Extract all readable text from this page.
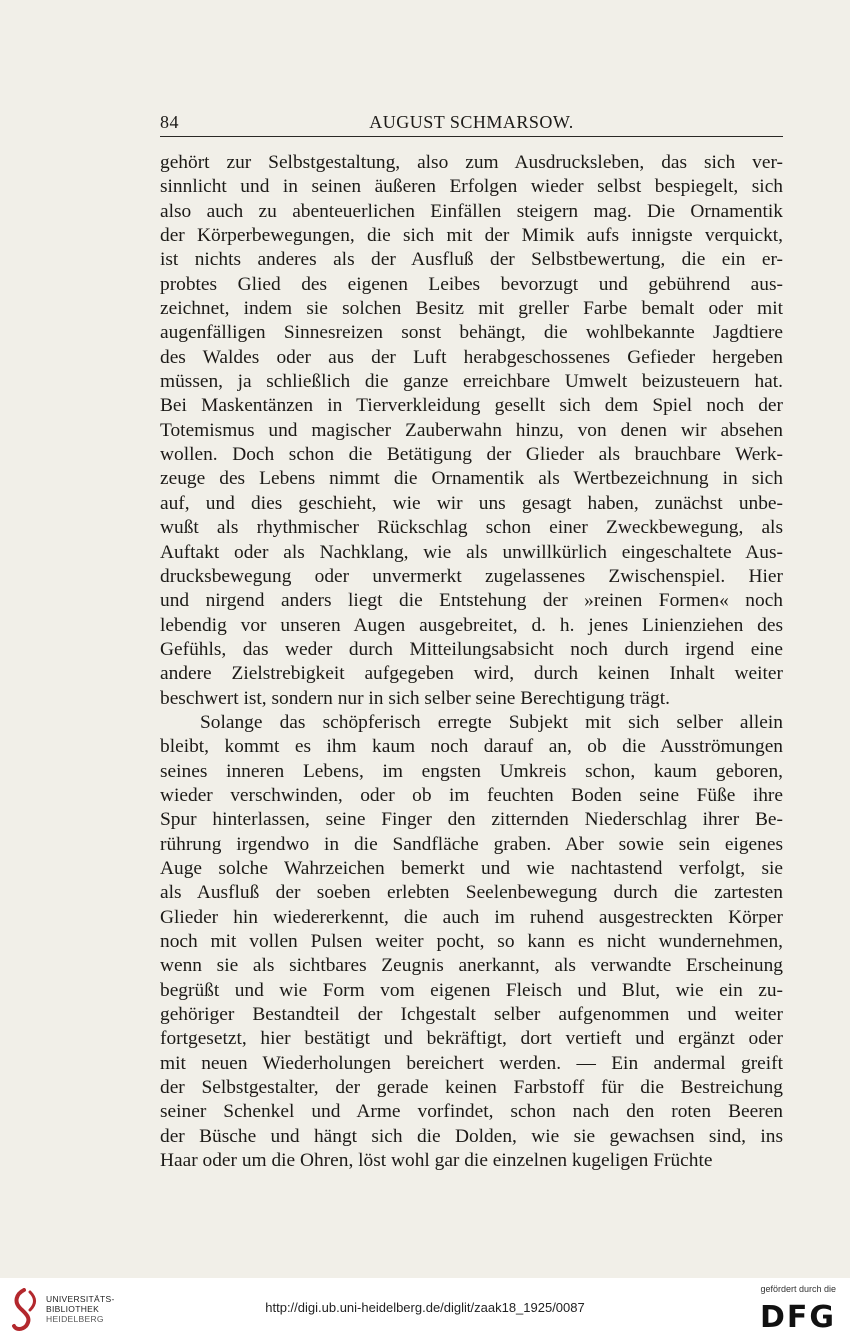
84	AUGUST SCHMARSOW.
gehört zur Selbstgestaltung, also zum Ausdrucksleben, das sich ver-
sinnlicht und in seinen äußeren Erfolgen wieder selbst bespiegelt, sich
also auch zu abenteuerlichen Einfällen steigern mag. Die Ornamentik
der Körperbewegungen, die sich mit der Mimik aufs innigste verquickt,
ist nichts anderes als der Ausfluß der Selbstbewertung, die ein er-
probtes Glied des eigenen Leibes bevorzugt und gebührend aus-
zeichnet, indem sie solchen Besitz mit greller Farbe bemalt oder mit
augenfälligen Sinnesreizen sonst behängt, die wohlbekannte Jagdtiere
des Waldes oder aus der Luft herabgeschossenes Gefieder hergeben
müssen, ja schließlich die ganze erreichbare Umwelt beizusteuern hat.
Bei Maskentänzen in Tierverkleidung gesellt sich dem Spiel noch der
Totemismus und magischer Zauberwahn hinzu, von denen wir absehen
wollen. Doch schon die Betätigung der Glieder als brauchbare Werk-
zeuge des Lebens nimmt die Ornamentik als Wertbezeichnung in sich
auf, und dies geschieht, wie wir uns gesagt haben, zunächst unbe-
wußt als rhythmischer Rückschlag schon einer Zweckbewegung, als
Auftakt oder als Nachklang, wie als unwillkürlich eingeschaltete Aus-
drucksbewegung oder unvermerkt zugelassenes Zwischenspiel. Hier
und nirgend anders liegt die Entstehung der »reinen Formen« noch
lebendig vor unseren Augen ausgebreitet, d. h. jenes Linienziehen des
Gefühls, das weder durch Mitteilungsabsicht noch durch irgend eine
andere Zielstrebigkeit aufgegeben wird, durch keinen Inhalt weiter
beschwert ist, sondern nur in sich selber seine Berechtigung trägt.
Solange das schöpferisch erregte Subjekt mit sich selber allein
bleibt, kommt es ihm kaum noch darauf an, ob die Ausströmungen
seines inneren Lebens, im engsten Umkreis schon, kaum geboren,
wieder verschwinden, oder ob im feuchten Boden seine Füße ihre
Spur hinterlassen, seine Finger den zitternden Niederschlag ihrer Be-
rührung irgendwo in die Sandfläche graben. Aber sowie sein eigenes
Auge solche Wahrzeichen bemerkt und wie nachtastend verfolgt, sie
als Ausfluß der soeben erlebten Seelenbewegung durch die zartesten
Glieder hin wiedererkennt, die auch im ruhend ausgestreckten Körper
noch mit vollen Pulsen weiter pocht, so kann es nicht wundernehmen,
wenn sie als sichtbares Zeugnis anerkannt, als verwandte Erscheinung
begrüßt und wie Form vom eigenen Fleisch und Blut, wie ein zu-
gehöriger Bestandteil der Ichgestalt selber aufgenommen und weiter
fortgesetzt, hier bestätigt und bekräftigt, dort vertieft und ergänzt oder
mit neuen Wiederholungen bereichert werden. — Ein andermal greift
der Selbstgestalter, der gerade keinen Farbstoff für die Bestreichung
seiner Schenkel und Arme vorfindet, schon nach den roten Beeren
der Büsche und hängt sich die Dolden, wie sie gewachsen sind, ins
Haar oder um die Ohren, löst wohl gar die einzelnen kugeligen Früchte
UNIVERSITÄTS-
BIBLIOTHEK
HEIDELBERG
http://digi.ub.uni-heidelberg.de/diglit/zaak18_1925/0087
gefördert durch die
DFG
